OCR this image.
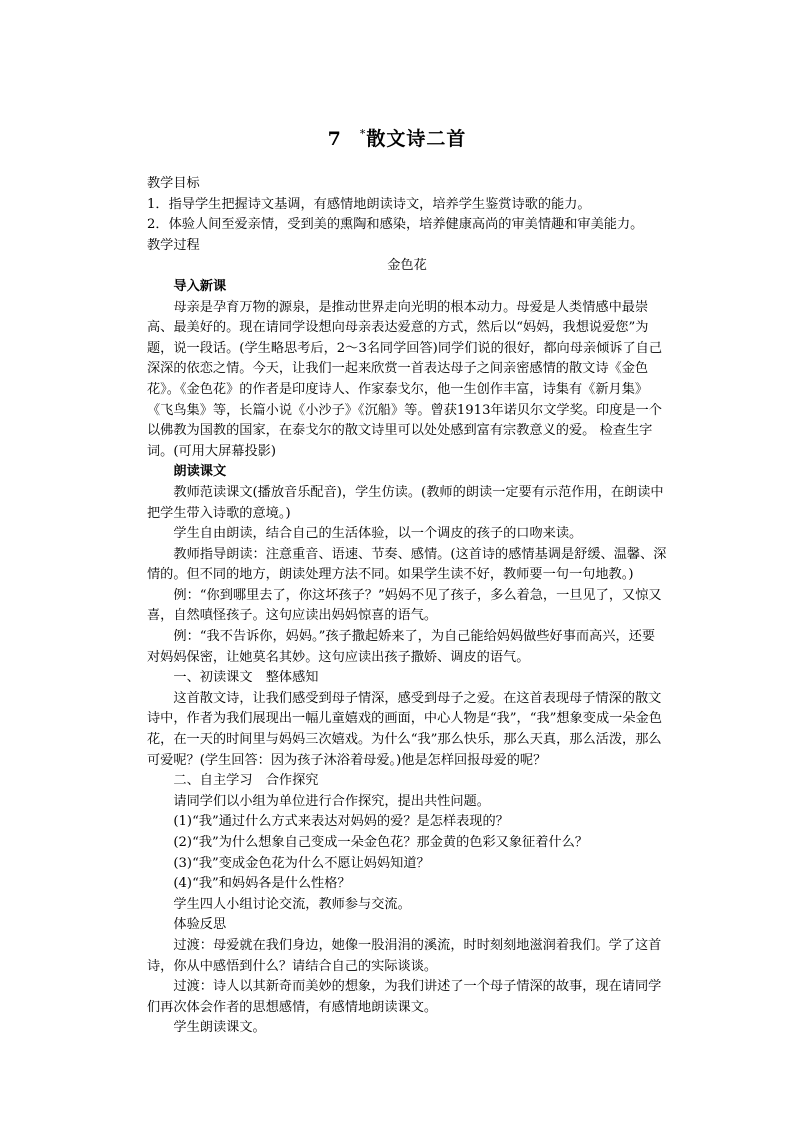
7 *散文诗二首

教学目标

1．指导学生把握诗文基调，有感情地朗读诗文，培养学生鉴赏诗歌的能力。

2．体验人间至爱亲情，受到美的熏陶和感染，培养健康高尚的审美情趣和审美能力。

教学过程

金色花

导入新课

母亲是孕育万物的源泉，是推动世界走向光明的根本动力。母爱是人类情感中最崇高、最美好的。现在请同学设想向母亲表达爱意的方式，然后以“妈妈，我想说爱您”为题，说一段话。(学生略思考后，2～3名同学回答)同学们说的很好，都向母亲倾诉了自己深深的依恋之情。今天，让我们一起来欣赏一首表达母子之间亲密感情的散文诗《金色花》。《金色花》的作者是印度诗人、作家泰戈尔，他一生创作丰富，诗集有《新月集》《飞鸟集》等，长篇小说《小沙子》《沉船》等。曾获1913年诺贝尔文学奖。印度是一个以佛教为国教的国家，在泰戈尔的散文诗里可以处处感到富有宗教意义的爱。 检查生字词。(可用大屏幕投影)

朗读课文

教师范读课文(播放音乐配音)，学生仿读。(教师的朗读一定要有示范作用，在朗读中把学生带入诗歌的意境。)

学生自由朗读，结合自己的生活体验，以一个调皮的孩子的口吻来读。

教师指导朗读：注意重音、语速、节奏、感情。(这首诗的感情基调是舒缓、温馨、深情的。但不同的地方，朗读处理方法不同。如果学生读不好，教师要一句一句地教。)

例：“你到哪里去了，你这坏孩子？”妈妈不见了孩子，多么着急，一旦见了，又惊又喜，自然嗔怪孩子。这句应读出妈妈惊喜的语气。

例：“我不告诉你，妈妈。”孩子撒起娇来了，为自己能给妈妈做些好事而高兴，还要对妈妈保密，让她莫名其妙。这句应读出孩子撒娇、调皮的语气。

一、初读课文　整体感知

这首散文诗，让我们感受到母子情深，感受到母子之爱。在这首表现母子情深的散文诗中，作者为我们展现出一幅儿童嬉戏的画面，中心人物是“我”，“我”想象变成一朵金色花，在一天的时间里与妈妈三次嬉戏。为什么“我”那么快乐，那么天真，那么活泼，那么可爱呢？(学生回答：因为孩子沐浴着母爱。)他是怎样回报母爱的呢？

二、自主学习　合作探究

请同学们以小组为单位进行合作探究，提出共性问题。

(1)“我”通过什么方式来表达对妈妈的爱？是怎样表现的？

(2)“我”为什么想象自己变成一朵金色花？那金黄的色彩又象征着什么？

(3)“我”变成金色花为什么不愿让妈妈知道？

(4)“我”和妈妈各是什么性格？

学生四人小组讨论交流，教师参与交流。

体验反思

过渡：母爱就在我们身边，她像一股涓涓的溪流，时时刻刻地滋润着我们。学了这首诗，你从中感悟到什么？请结合自己的实际谈谈。

过渡：诗人以其新奇而美妙的想象，为我们讲述了一个母子情深的故事，现在请同学们再次体会作者的思想感情，有感情地朗读课文。

学生朗读课文。
